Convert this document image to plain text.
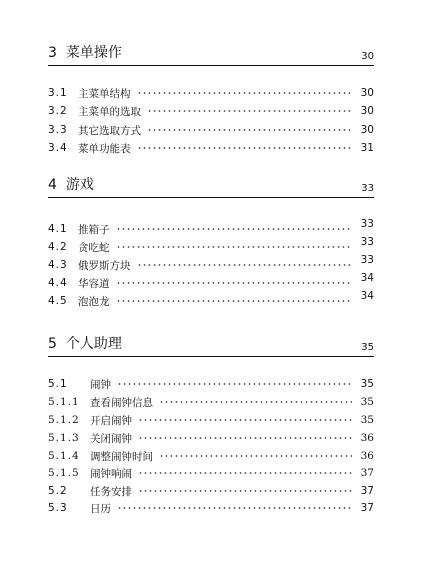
3 菜单操作	30
3.1 主菜单结构	30
3.2 主菜单的选取	30
3.3 其它选取方式	30
3.4 菜单功能表	31
4 游戏	33
4.1 推箱子	33
4.2 贪吃蛇	33
4.3 俄罗斯方块	33
4.4 华容道	34
4.5 泡泡龙	34
5 个人助理	35
5.1	闹钟	35
5.1.1 查看闹钟信息	35
5.1.2 开启闹钟	35
5.1.3 关闭闹钟	36
5.1.4 调整闹钟时间	36
5.1.5 闹钟响闹	37
5.2	任务安排	37
5.3	日历	37
